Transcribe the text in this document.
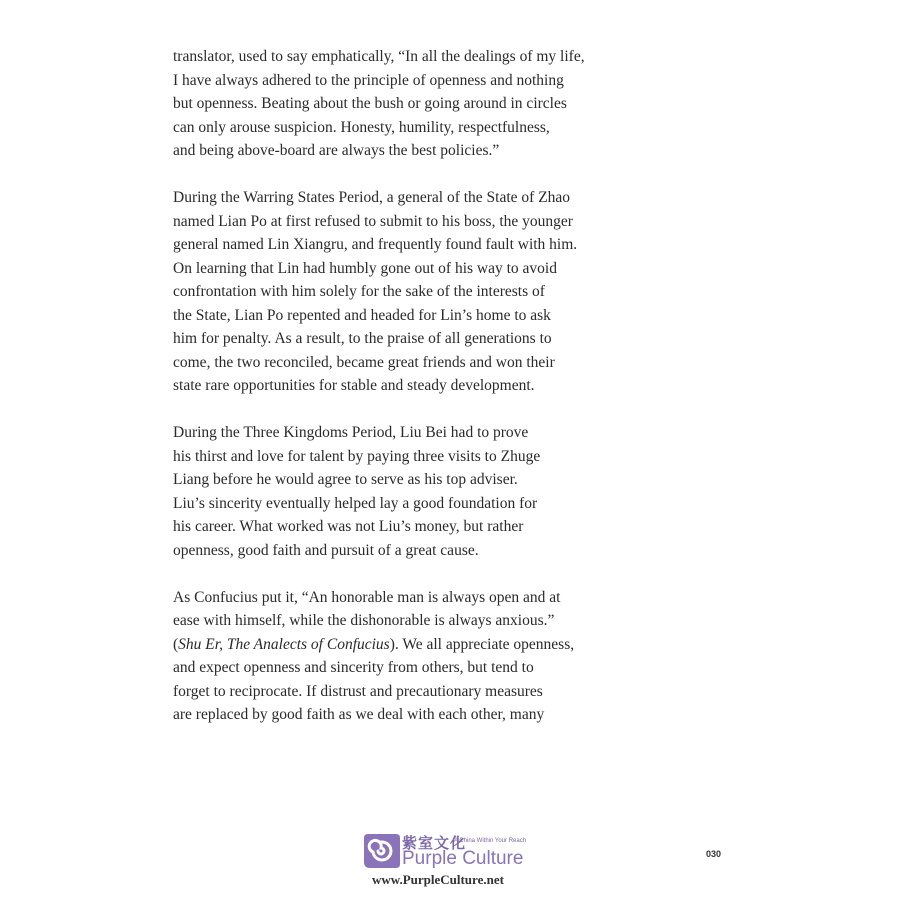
translator, used to say emphatically, “In all the dealings of my life,
I have always adhered to the principle of openness and nothing
but openness. Beating about the bush or going around in circles
can only arouse suspicion. Honesty, humility, respectfulness,
and being above-board are always the best policies.”

During the Warring States Period, a general of the State of Zhao
named Lian Po at first refused to submit to his boss, the younger
general named Lin Xiangru, and frequently found fault with him.
On learning that Lin had humbly gone out of his way to avoid
confrontation with him solely for the sake of the interests of
the State, Lian Po repented and headed for Lin’s home to ask
him for penalty. As a result, to the praise of all generations to
come, the two reconciled, became great friends and won their
state rare opportunities for stable and steady development.

During the Three Kingdoms Period, Liu Bei had to prove
his thirst and love for talent by paying three visits to Zhuge
Liang before he would agree to serve as his top adviser.
Liu’s sincerity eventually helped lay a good foundation for
his career. What worked was not Liu’s money, but rather
openness, good faith and pursuit of a great cause.

As Confucius put it, “An honorable man is always open and at
ease with himself, while the dishonorable is always anxious.”
(Shu Er, The Analects of Confucius). We all appreciate openness,
and expect openness and sincerity from others, but tend to
forget to reciprocate. If distrust and precautionary measures
are replaced by good faith as we deal with each other, many

紫室文化
A China Within Your Reach
Purple Culture
www.PurpleCulture.net
030
